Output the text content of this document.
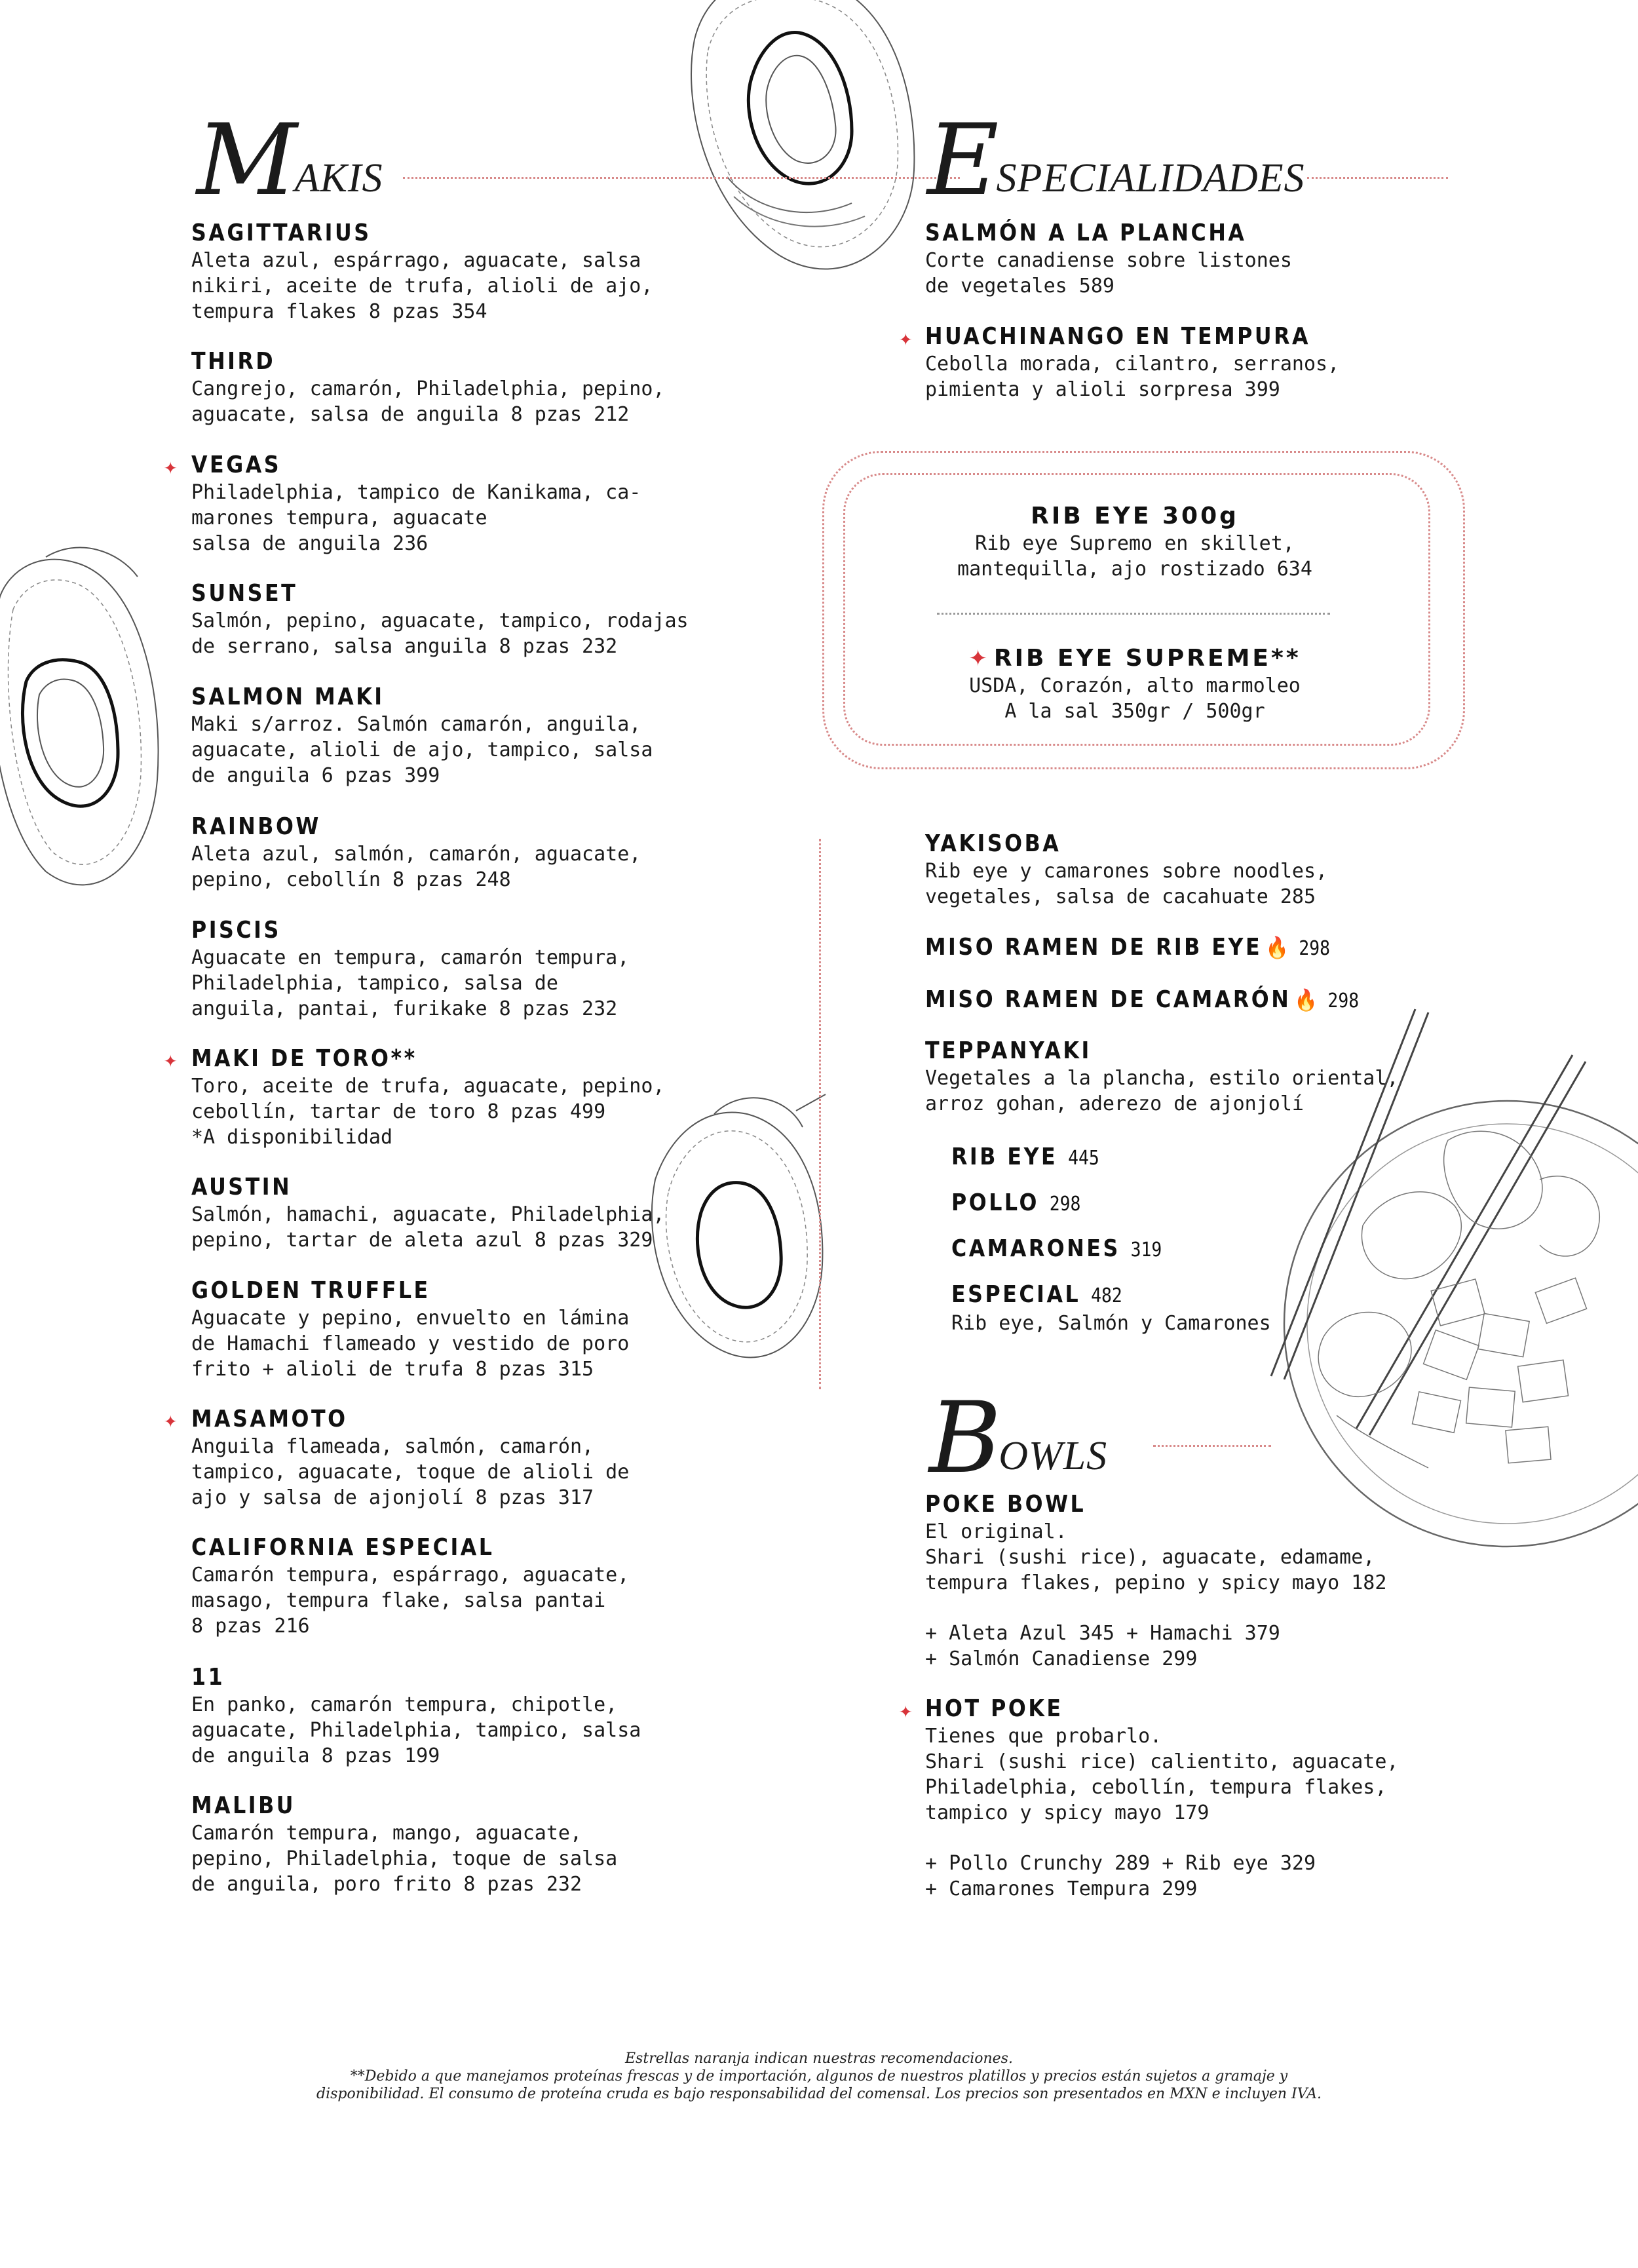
M
AKIS
SAGITTARIUS
Aleta azul, espárrago, aguacate, salsa
nikiri, aceite de trufa, alioli de ajo,
tempura flakes 8 pzas 354
THIRD
Cangrejo, camarón, Philadelphia, pepino,
aguacate, salsa de anguila 8 pzas 212
✦ VEGAS
Philadelphia, tampico de Kanikama, ca-
marones tempura, aguacate
salsa de anguila 236
SUNSET
Salmón, pepino, aguacate, tampico, rodajas
de serrano, salsa anguila 8 pzas 232
SALMON MAKI
Maki s/arroz. Salmón camarón, anguila,
aguacate, alioli de ajo, tampico, salsa
de anguila 6 pzas 399
RAINBOW
Aleta azul, salmón, camarón, aguacate,
pepino, cebollín 8 pzas 248
PISCIS
Aguacate en tempura, camarón tempura,
Philadelphia, tampico, salsa de
anguila, pantai, furikake 8 pzas 232
✦ MAKI DE TORO**
Toro, aceite de trufa, aguacate, pepino,
cebollín, tartar de toro 8 pzas 499
*A disponibilidad
AUSTIN
Salmón, hamachi, aguacate, Philadelphia,
pepino, tartar de aleta azul 8 pzas 329
GOLDEN TRUFFLE
Aguacate y pepino, envuelto en lámina
de Hamachi flameado y vestido de poro
frito + alioli de trufa 8 pzas 315
✦ MASAMOTO
Anguila flameada, salmón, camarón,
tampico, aguacate, toque de alioli de
ajo y salsa de ajonjolí 8 pzas 317
CALIFORNIA ESPECIAL
Camarón tempura, espárrago, aguacate,
masago, tempura flake, salsa pantai
8 pzas 216
11
En panko, camarón tempura, chipotle,
aguacate, Philadelphia, tampico, salsa
de anguila 8 pzas 199
MALIBU
Camarón tempura, mango, aguacate,
pepino, Philadelphia, toque de salsa
de anguila, poro frito 8 pzas 232
E
SPECIALIDADES
SALMÓN A LA PLANCHA
Corte canadiense sobre listones
de vegetales 589
✦ HUACHINANGO EN TEMPURA
Cebolla morada, cilantro, serranos,
pimienta y alioli sorpresa 399
RIB EYE 300g
Rib eye Supremo en skillet,
mantequilla, ajo rostizado 634
✦ RIB EYE SUPREME**
USDA, Corazón, alto marmoleo
A la sal 350gr / 500gr
YAKISOBA
Rib eye y camarones sobre noodles,
vegetales, salsa de cacahuate 285
MISO RAMEN DE RIB EYE 🔥 298
MISO RAMEN DE CAMARÓN 🔥 298
TEPPANYAKI
Vegetales a la plancha, estilo oriental,
arroz gohan, aderezo de ajonjolí
RIB EYE 445
POLLO 298
CAMARONES 319
ESPECIAL 482
Rib eye, Salmón y Camarones
B
OWLS
POKE BOWL
El original.
Shari (sushi rice), aguacate, edamame,
tempura flakes, pepino y spicy mayo 182
+ Aleta Azul 345 + Hamachi 379
+ Salmón Canadiense 299
✦ HOT POKE
Tienes que probarlo.
Shari (sushi rice) calientito, aguacate,
Philadelphia, cebollín, tempura flakes,
tampico y spicy mayo 179
+ Pollo Crunchy 289 + Rib eye 329
+ Camarones Tempura 299
Estrellas naranja indican nuestras recomendaciones.
**Debido a que manejamos proteínas frescas y de importación, algunos de nuestros platillos y precios están sujetos a gramaje y
disponibilidad. El consumo de proteína cruda es bajo responsabilidad del comensal. Los precios son presentados en MXN e incluyen IVA.
